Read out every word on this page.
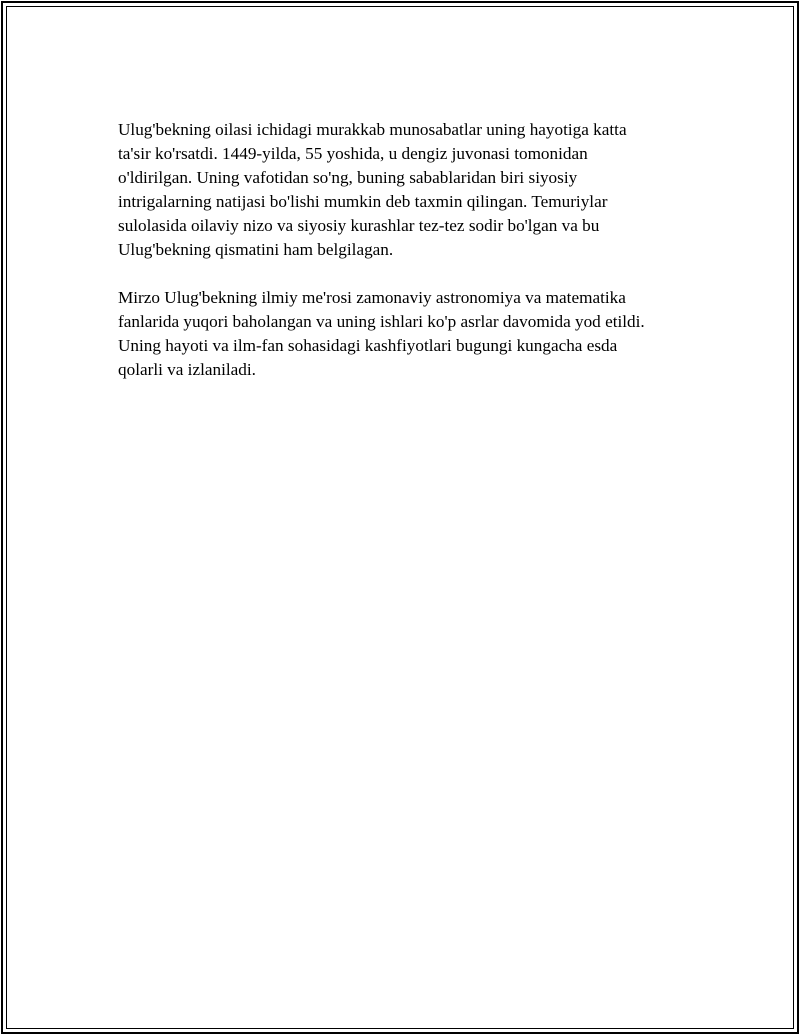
Ulug'bekning oilasi ichidagi murakkab munosabatlar uning hayotiga katta
ta'sir ko'rsatdi. 1449-yilda, 55 yoshida, u dengiz juvonasi tomonidan
o'ldirilgan. Uning vafotidan so'ng, buning sabablaridan biri siyosiy
intrigalarning natijasi bo'lishi mumkin deb taxmin qilingan. Temuriylar
sulolasida oilaviy nizo va siyosiy kurashlar tez-tez sodir bo'lgan va bu
Ulug'bekning qismatini ham belgilagan.

Mirzo Ulug'bekning ilmiy me'rosi zamonaviy astronomiya va matematika
fanlarida yuqori baholangan va uning ishlari ko'p asrlar davomida yod etildi.
Uning hayoti va ilm-fan sohasidagi kashfiyotlari bugungi kungacha esda
qolarli va izlaniladi.
